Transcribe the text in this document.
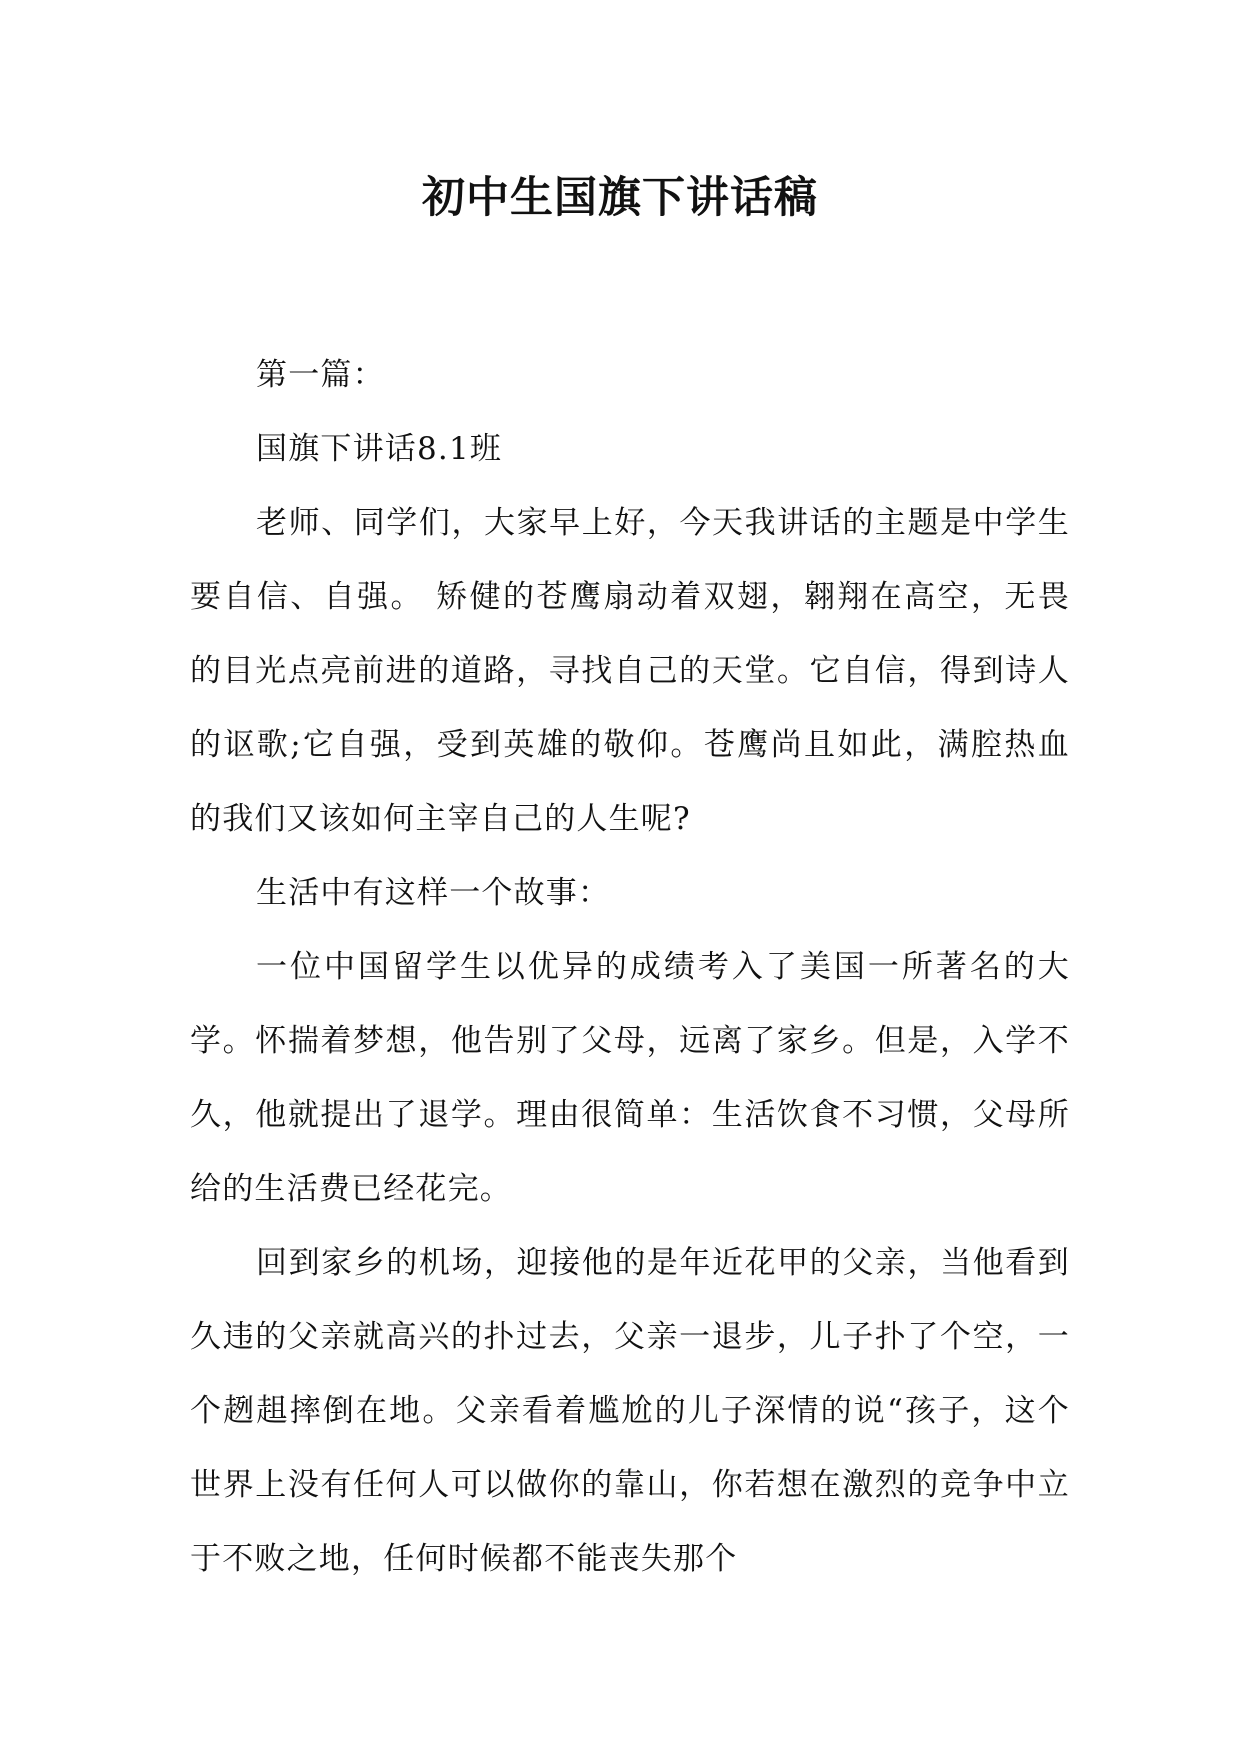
初中生国旗下讲话稿

第一篇：

国旗下讲话8.1班

老师、同学们，大家早上好，今天我讲话的主题是中学生要自信、自强。 矫健的苍鹰扇动着双翅，翱翔在高空，无畏的目光点亮前进的道路，寻找自己的天堂。它自信，得到诗人的讴歌;它自强，受到英雄的敬仰。苍鹰尚且如此，满腔热血的我们又该如何主宰自己的人生呢?

生活中有这样一个故事：

一位中国留学生以优异的成绩考入了美国一所著名的大学。怀揣着梦想，他告别了父母，远离了家乡。但是，入学不久，他就提出了退学。理由很简单：生活饮食不习惯，父母所给的生活费已经花完。

回到家乡的机场，迎接他的是年近花甲的父亲，当他看到久违的父亲就高兴的扑过去，父亲一退步，儿子扑了个空，一个趔趄摔倒在地。父亲看着尴尬的儿子深情的说“孩子，这个世界上没有任何人可以做你的靠山，你若想在激烈的竞争中立于不败之地，任何时候都不能丧失那个
